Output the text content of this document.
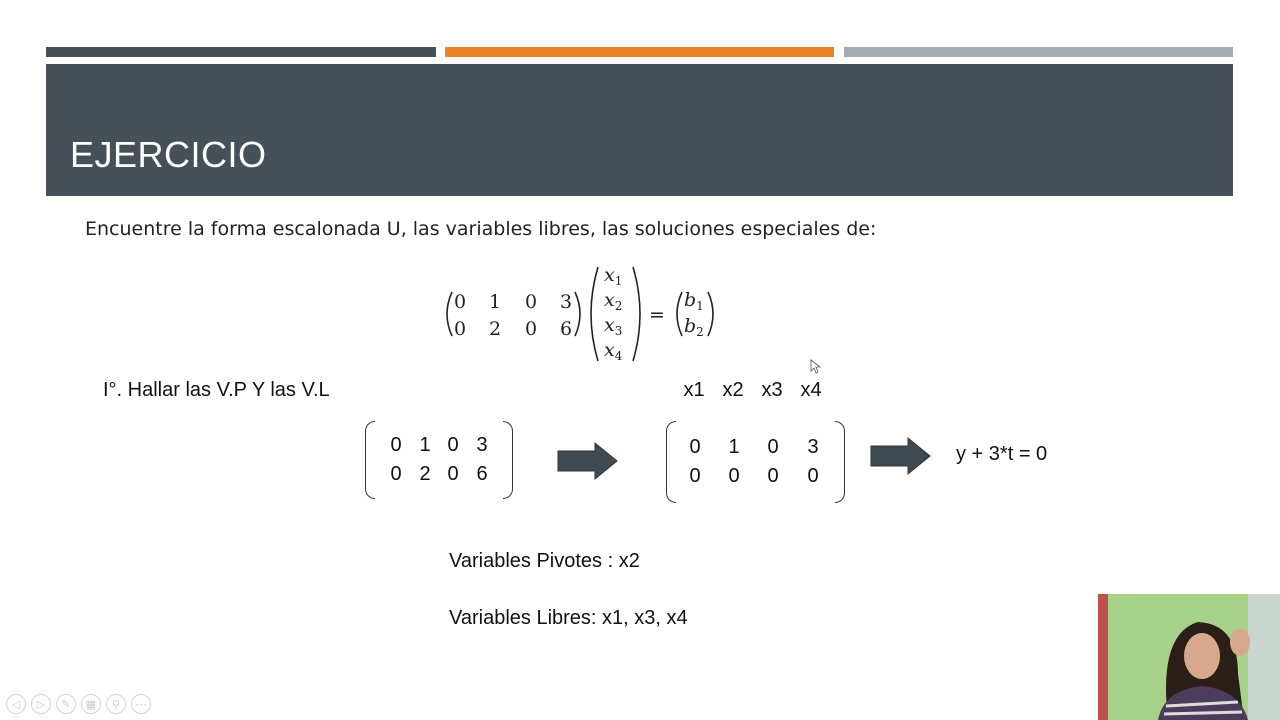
EJERCICIO
Encuentre la forma escalonada U, las variables libres, las soluciones especiales de:
0 1 0 3
0 2 0 6
$x_1$
$x_2$
$x_3$
$x_4$
=
$b_1$
$b_2$
I°. Hallar las V.P Y las V.L	x1 x2 x3 x4
0 1 0 3
0 2 0 6
0	1	0	3
0	0	0	0
y + 3*t = 0
Variables Pivotes : x2
Variables Libres: x1, x3, x4
◁	▷	✎	▦	⚲	⋯
